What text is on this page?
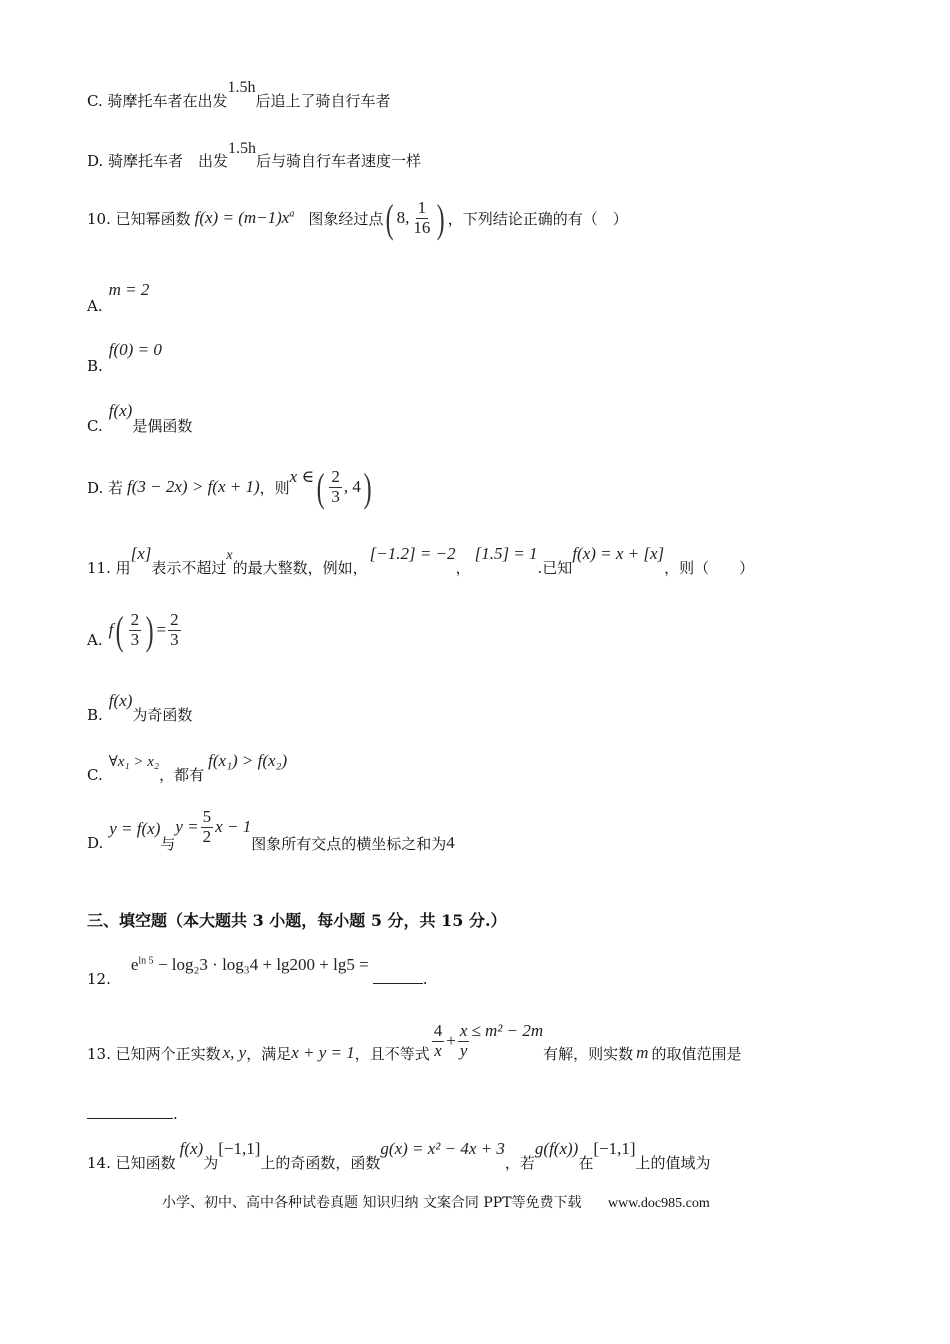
C. 骑摩托车者在出发1.5h后追上了骑自行车者
D. 骑摩托车者　出发1.5h后与骑自行车者速度一样
10. 已知幂函数 $f(x) = (m-1)x^a$ 图象经过点 ( 8, $\frac{1}{16}$ ) ，下列结论正确的有（　）
A.m = 2
B.f(0) = 0
C.f(x)是偶函数
D. 若 f(3 − 2x) > f(x + 1) ，则
x ∈ ( $\frac{2}{3}$ , 4 )
11. 用[x]表示不超过x的最大整数，例如，[−1.2] = −2，[1.5] = 1.已知f(x) = x + [x]，则（　　）
A.
f ( $\frac{2}{3}$ ) = $\frac{2}{3}$
B.f(x)为奇函数
C.∀x₁ > x₂，都有f(x₁) > f(x₂)
D.
y = f(x)
与
$y = \frac{5}{2}$ x − 1
图象所有交点的横坐标之和为 4
三、填空题（本大题共 3 小题，每小题 5 分，共 15 分.）
$12.e^{ln 5} - \log_23 \cdot \log_34 + \lg 200 + \lg 5$ =.
13. 已知两个正实数 x, y ，满足 x + y = 1 ，且不等式 $\frac{4}{x} + \frac{x}{y} \le m^2 - 2m$
有解，则实数 m 的取值范围是
.
14. 已知函数f(x)为[−1,1]上的奇函数，函数g(x) = x² − 4x + 3，若g(f(x))在[−1,1]上的值域为
小学、初中、高中各种试卷真题 知识归纳 文案合同 PPT等免费下载 www.doc985.com
